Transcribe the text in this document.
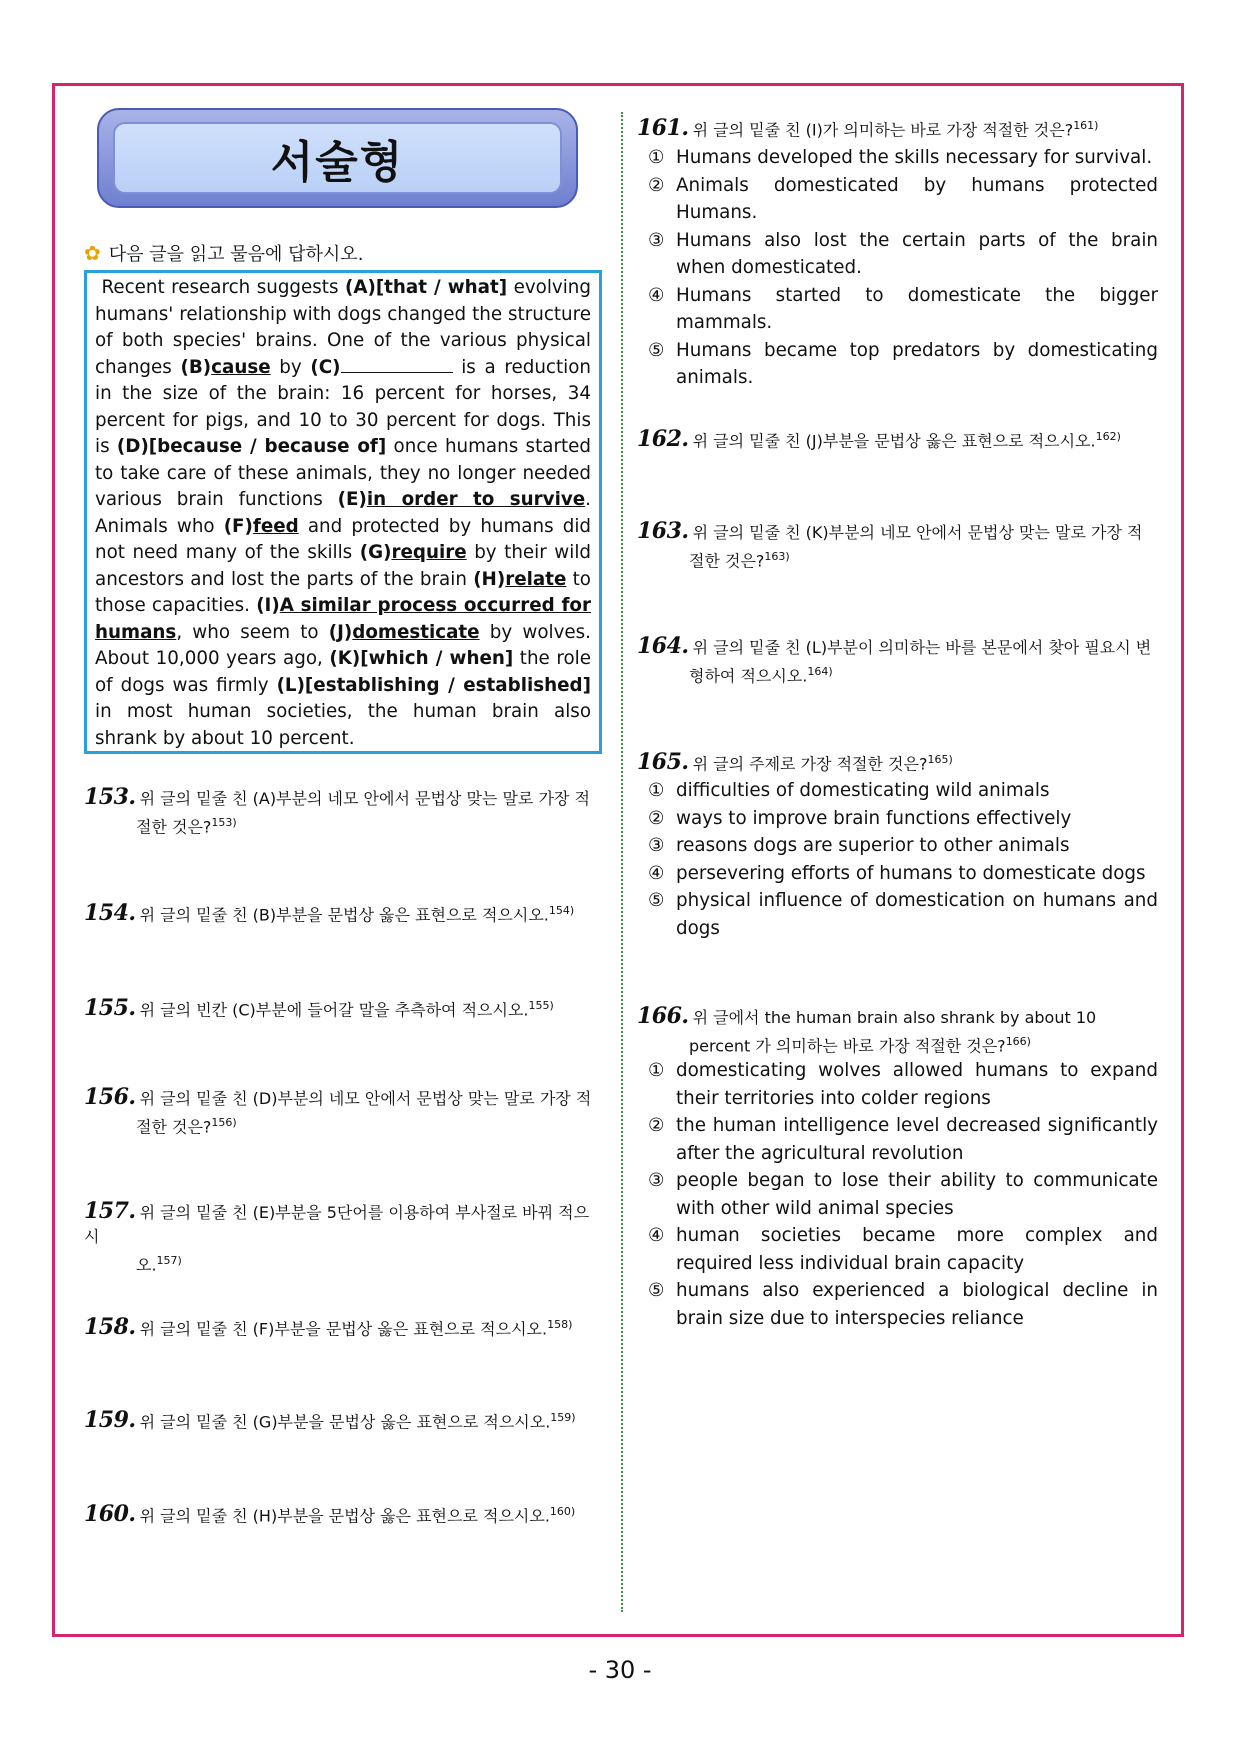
서술형
✿ 다음 글을 읽고 물음에 답하시오.
Recent research suggests (A)[that / what] evolving humans' relationship with dogs changed the structure of both species' brains. One of the various physical changes (B)cause by (C)	is a reduction in the size of the brain: 16 percent for horses, 34 percent for pigs, and 10 to 30 percent for dogs. This is (D)[because / because of] once humans started to take care of these animals, they no longer needed various brain functions (E)in order to survive. Animals who (F)feed and protected by humans did not need many of the skills (G)require by their wild ancestors and lost the parts of the brain (H)relate to those capacities. (I)A similar process occurred for humans, who seem to (J)domesticate by wolves. About 10,000 years ago, (K)[which / when] the role of dogs was firmly (L)[establishing / established] in most human societies, the human brain also shrank by about 10 percent.
153. 위 글의 밑줄 친 (A)부분의 네모 안에서 문법상 맞는 말로 가장 적
절한 것은?$^{153)}$
154. 위 글의 밑줄 친 (B)부분을 문법상 옳은 표현으로 적으시오.$^{154)}$
155. 위 글의 빈칸 (C)부분에 들어갈 말을 추측하여 적으시오.$^{155)}$
156. 위 글의 밑줄 친 (D)부분의 네모 안에서 문법상 맞는 말로 가장 적
절한 것은?$^{156)}$
157. 위 글의 밑줄 친 (E)부분을 5단어를 이용하여 부사절로 바꿔 적으시
오.$^{157)}$
158. 위 글의 밑줄 친 (F)부분을 문법상 옳은 표현으로 적으시오.$^{158)}$
159. 위 글의 밑줄 친 (G)부분을 문법상 옳은 표현으로 적으시오.$^{159)}$
160. 위 글의 밑줄 친 (H)부분을 문법상 옳은 표현으로 적으시오.$^{160)}$
161. 위 글의 밑줄 친 (I)가 의미하는 바로 가장 적절한 것은?$^{161)}$
① Humans developed the skills necessary for survival.
② Animals domesticated by humans protected Humans.
③ Humans also lost the certain parts of the brain when domesticated.
④ Humans started to domesticate the bigger mammals.
⑤ Humans became top predators by domesticating animals.
162. 위 글의 밑줄 친 (J)부분을 문법상 옳은 표현으로 적으시오.$^{162)}$
163. 위 글의 밑줄 친 (K)부분의 네모 안에서 문법상 맞는 말로 가장 적
절한 것은?$^{163)}$
164. 위 글의 밑줄 친 (L)부분이 의미하는 바를 본문에서 찾아 필요시 변
형하여 적으시오.$^{164)}$
165. 위 글의 주제로 가장 적절한 것은?$^{165)}$
① difficulties of domesticating wild animals
② ways to improve brain functions effectively
③ reasons dogs are superior to other animals
④ persevering efforts of humans to domesticate dogs
⑤ physical influence of domestication on humans and dogs
166. 위 글에서 the human brain also shrank by about 10
percent 가 의미하는 바로 가장 적절한 것은?$^{166)}$
① domesticating wolves allowed humans to expand their territories into colder regions
② the human intelligence level decreased significantly after the agricultural revolution
③ people began to lose their ability to communicate with other wild animal species
④ human societies became more complex and required less individual brain capacity
⑤ humans also experienced a biological decline in brain size due to interspecies reliance
- 30 -
